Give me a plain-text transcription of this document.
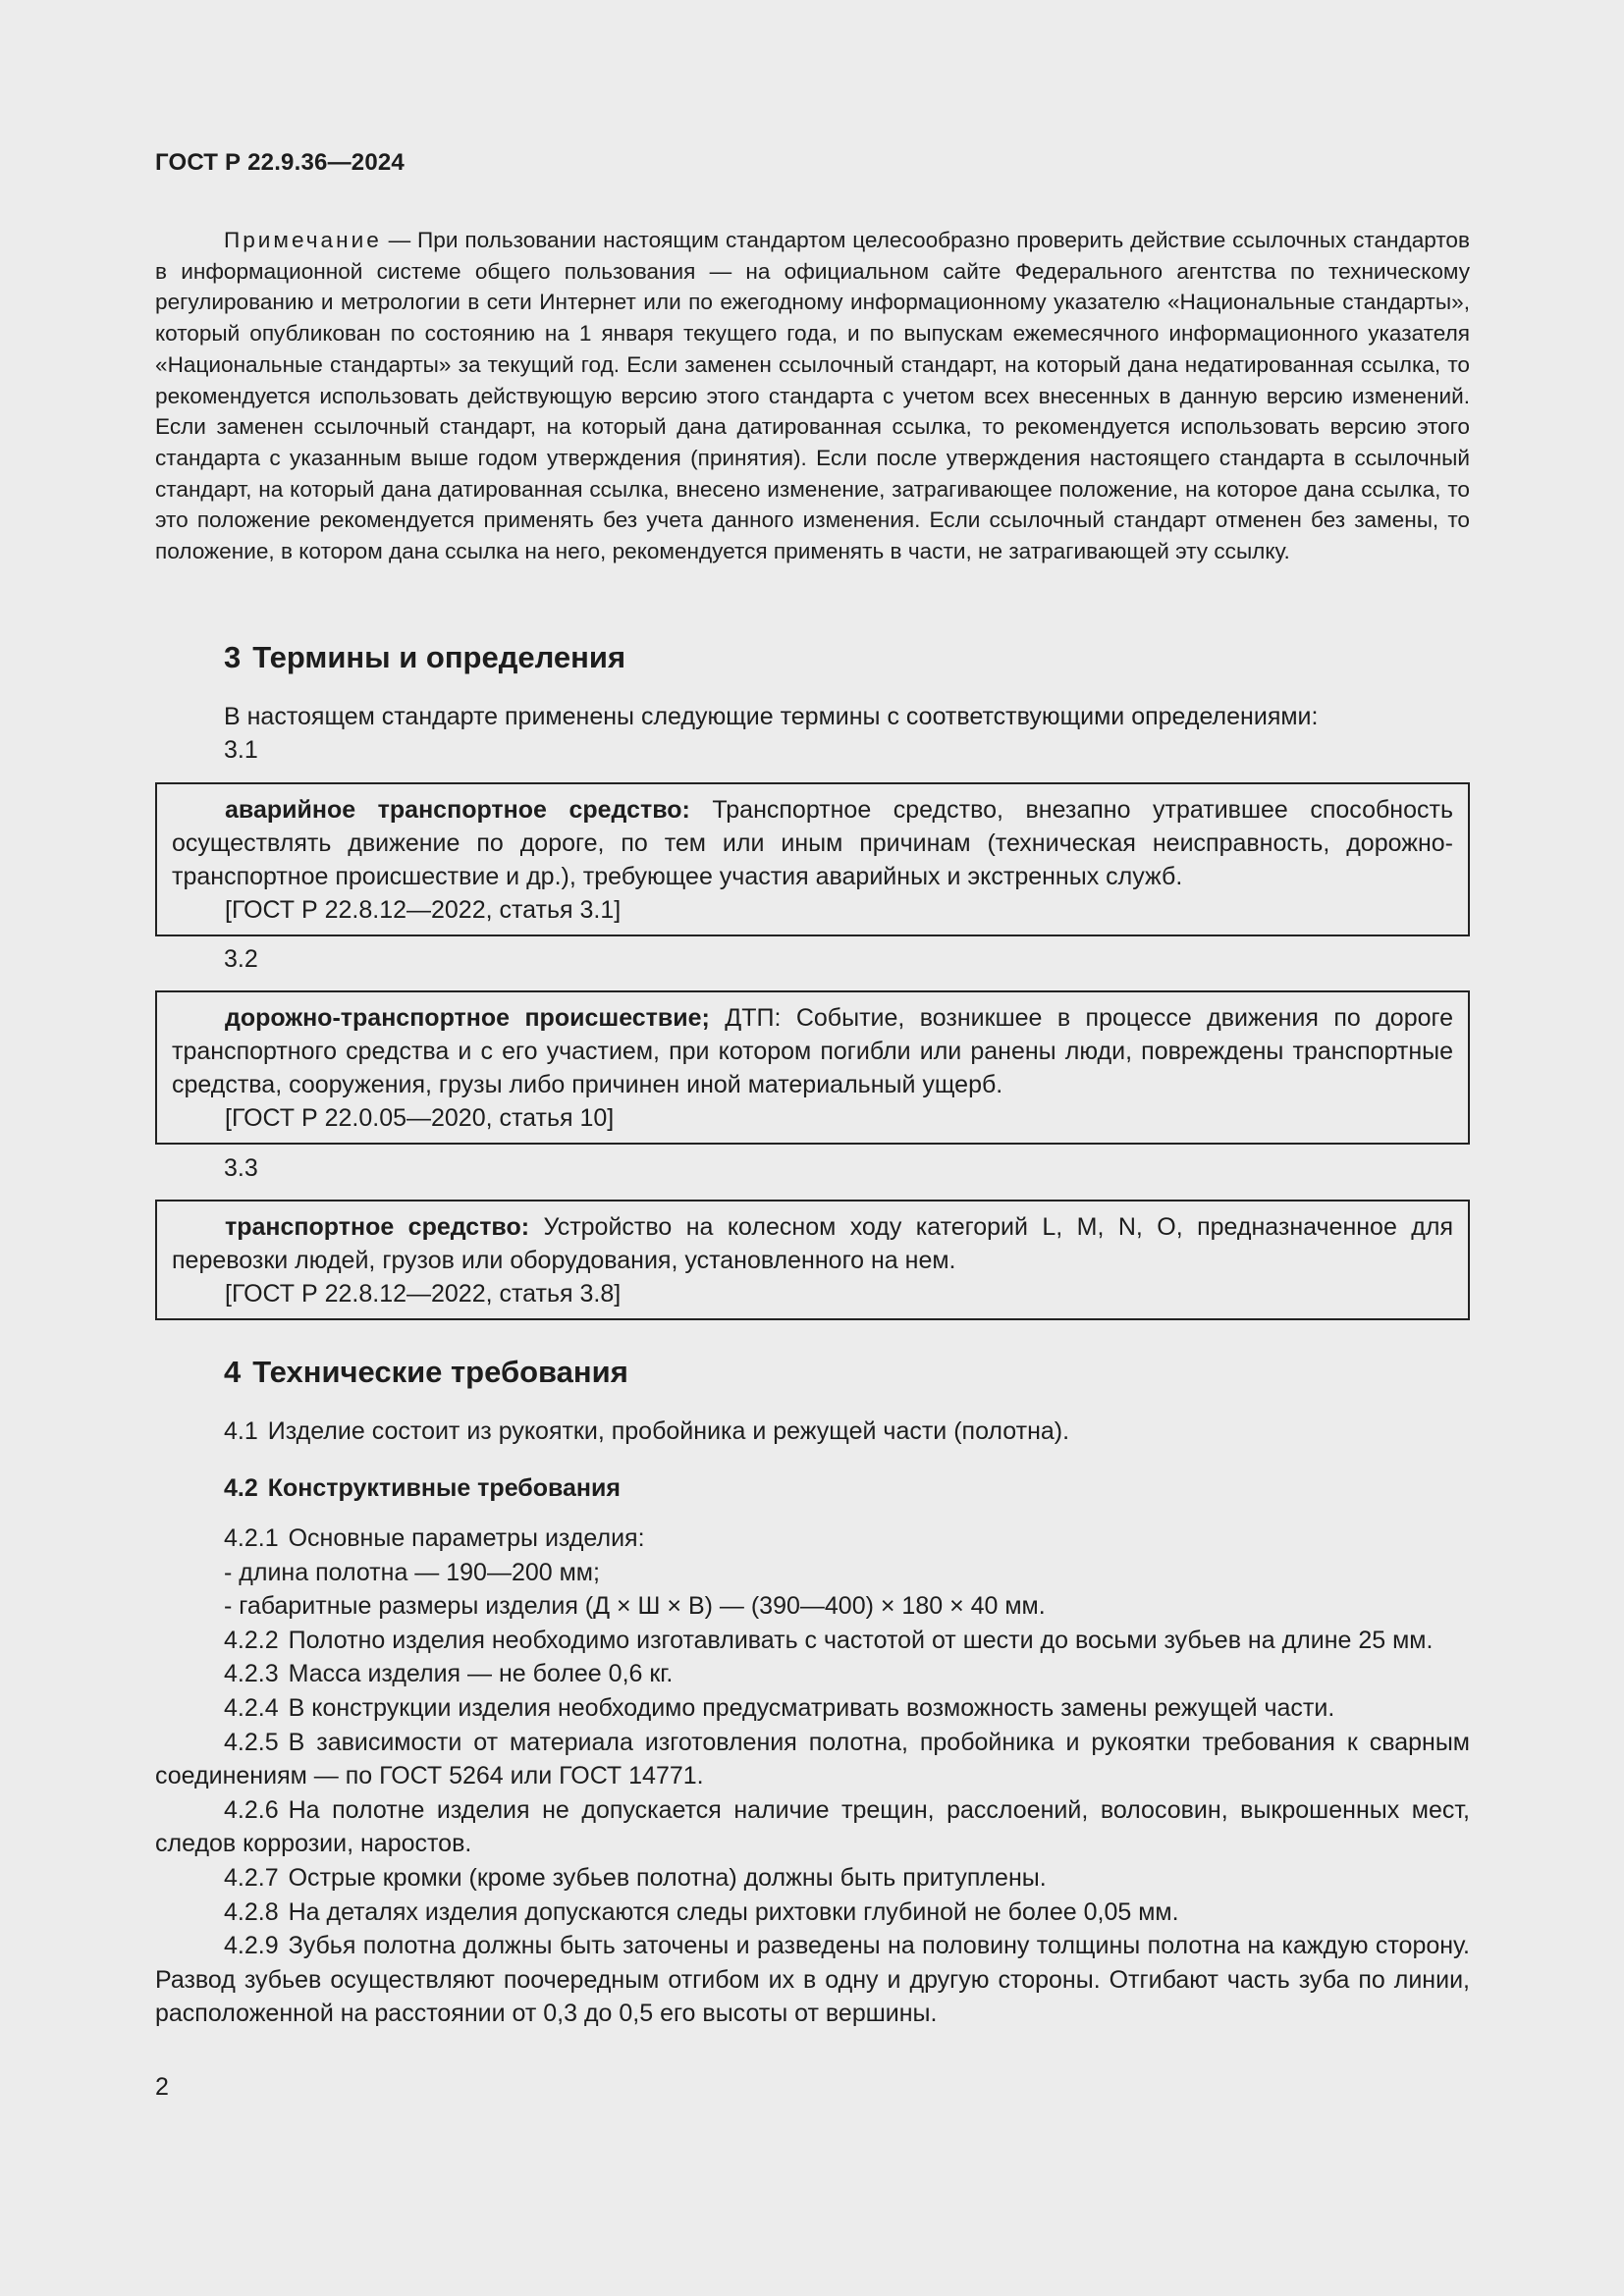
ГОСТ Р 22.9.36—2024

Примечание — При пользовании настоящим стандартом целесообразно проверить действие ссылочных стандартов в информационной системе общего пользования — на официальном сайте Федерального агентства по техническому регулированию и метрологии в сети Интернет или по ежегодному информационному указателю «Национальные стандарты», который опубликован по состоянию на 1 января текущего года, и по выпускам ежемесячного информационного указателя «Национальные стандарты» за текущий год. Если заменен ссылочный стандарт, на который дана недатированная ссылка, то рекомендуется использовать действующую версию этого стандарта с учетом всех внесенных в данную версию изменений. Если заменен ссылочный стандарт, на который дана датированная ссылка, то рекомендуется использовать версию этого стандарта с указанным выше годом утверждения (принятия). Если после утверждения настоящего стандарта в ссылочный стандарт, на который дана датированная ссылка, внесено изменение, затрагивающее положение, на которое дана ссылка, то это положение рекомендуется применять без учета данного изменения. Если ссылочный стандарт отменен без замены, то положение, в котором дана ссылка на него, рекомендуется применять в части, не затрагивающей эту ссылку.

3 Термины и определения

В настоящем стандарте применены следующие термины с соответствующими определениями:

3.1

аварийное транспортное средство: Транспортное средство, внезапно утратившее способность осуществлять движение по дороге, по тем или иным причинам (техническая неисправность, дорожно-транспортное происшествие и др.), требующее участия аварийных и экстренных служб.

[ГОСТ Р 22.8.12—2022, статья 3.1]

3.2

дорожно-транспортное происшествие; ДТП: Событие, возникшее в процессе движения по дороге транспортного средства и с его участием, при котором погибли или ранены люди, повреждены транспортные средства, сооружения, грузы либо причинен иной материальный ущерб.

[ГОСТ Р 22.0.05—2020, статья 10]

3.3

транспортное средство: Устройство на колесном ходу категорий L, M, N, O, предназначенное для перевозки людей, грузов или оборудования, установленного на нем.

[ГОСТ Р 22.8.12—2022, статья 3.8]

4 Технические требования

4.1 Изделие состоит из рукоятки, пробойника и режущей части (полотна).

4.2 Конструктивные требования

4.2.1 Основные параметры изделия:

- длина полотна — 190—200 мм;

- габаритные размеры изделия (Д × Ш × В) — (390—400) × 180 × 40 мм.

4.2.2 Полотно изделия необходимо изготавливать с частотой от шести до восьми зубьев на длине 25 мм.

4.2.3 Масса изделия — не более 0,6 кг.

4.2.4 В конструкции изделия необходимо предусматривать возможность замены режущей части.

4.2.5 В зависимости от материала изготовления полотна, пробойника и рукоятки требования к сварным соединениям — по ГОСТ 5264 или ГОСТ 14771.

4.2.6 На полотне изделия не допускается наличие трещин, расслоений, волосовин, выкрошенных мест, следов коррозии, наростов.

4.2.7 Острые кромки (кроме зубьев полотна) должны быть притуплены.

4.2.8 На деталях изделия допускаются следы рихтовки глубиной не более 0,05 мм.

4.2.9 Зубья полотна должны быть заточены и разведены на половину толщины полотна на каждую сторону. Развод зубьев осуществляют поочередным отгибом их в одну и другую стороны. Отгибают часть зуба по линии, расположенной на расстоянии от 0,3 до 0,5 его высоты от вершины.

2
